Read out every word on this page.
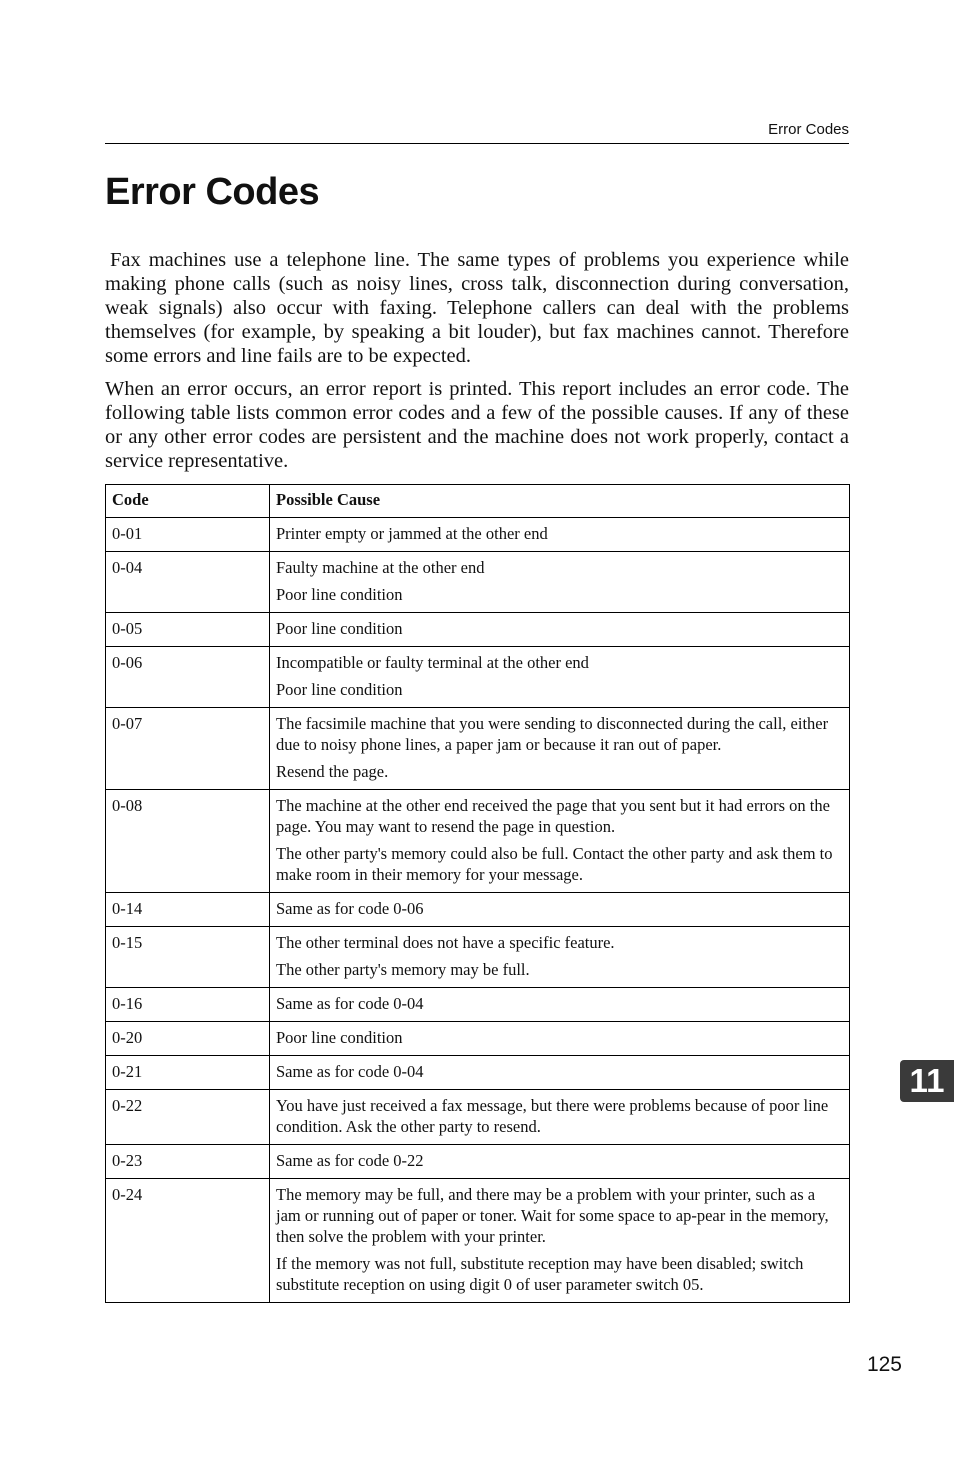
Error Codes
Error Codes

Fax machines use a telephone line. The same types of problems you experience while making phone calls (such as noisy lines, cross talk, disconnection during conversation, weak signals) also occur with faxing. Telephone callers can deal with the problems themselves (for example, by speaking a bit louder), but fax machines cannot. Therefore some errors and line fails are to be expected.

When an error occurs, an error report is printed. This report includes an error code. The following table lists common error codes and a few of the possible causes. If any of these or any other error codes are persistent and the machine does not work properly, contact a service representative.

Code	Possible Cause
0-01	Printer empty or jammed at the other end

0-04	Faulty machine at the other end

Poor line condition

0-05	Poor line condition

0-06	Incompatible or faulty terminal at the other end

Poor line condition

0-07	The facsimile machine that you were sending to disconnected during the call, either due to noisy phone lines, a paper jam or because it ran out of paper.

Resend the page.

0-08	The machine at the other end received the page that you sent but it had errors on the page. You may want to resend the page in question.

The other party's memory could also be full. Contact the other party and ask them to make room in their memory for your message.

0-14	Same as for code 0-06

0-15	The other terminal does not have a specific feature.

The other party's memory may be full.

0-16	Same as for code 0-04

0-20	Poor line condition

0-21	Same as for code 0-04

0-22	You have just received a fax message, but there were problems because of poor line condition. Ask the other party to resend.

0-23	Same as for code 0-22

0-24	The memory may be full, and there may be a problem with your printer, such as a jam or running out of paper or toner. Wait for some space to ap-pear in the memory, then solve the problem with your printer.

If the memory was not full, substitute reception may have been disabled; switch substitute reception on using digit 0 of user parameter switch 05.

11
125
